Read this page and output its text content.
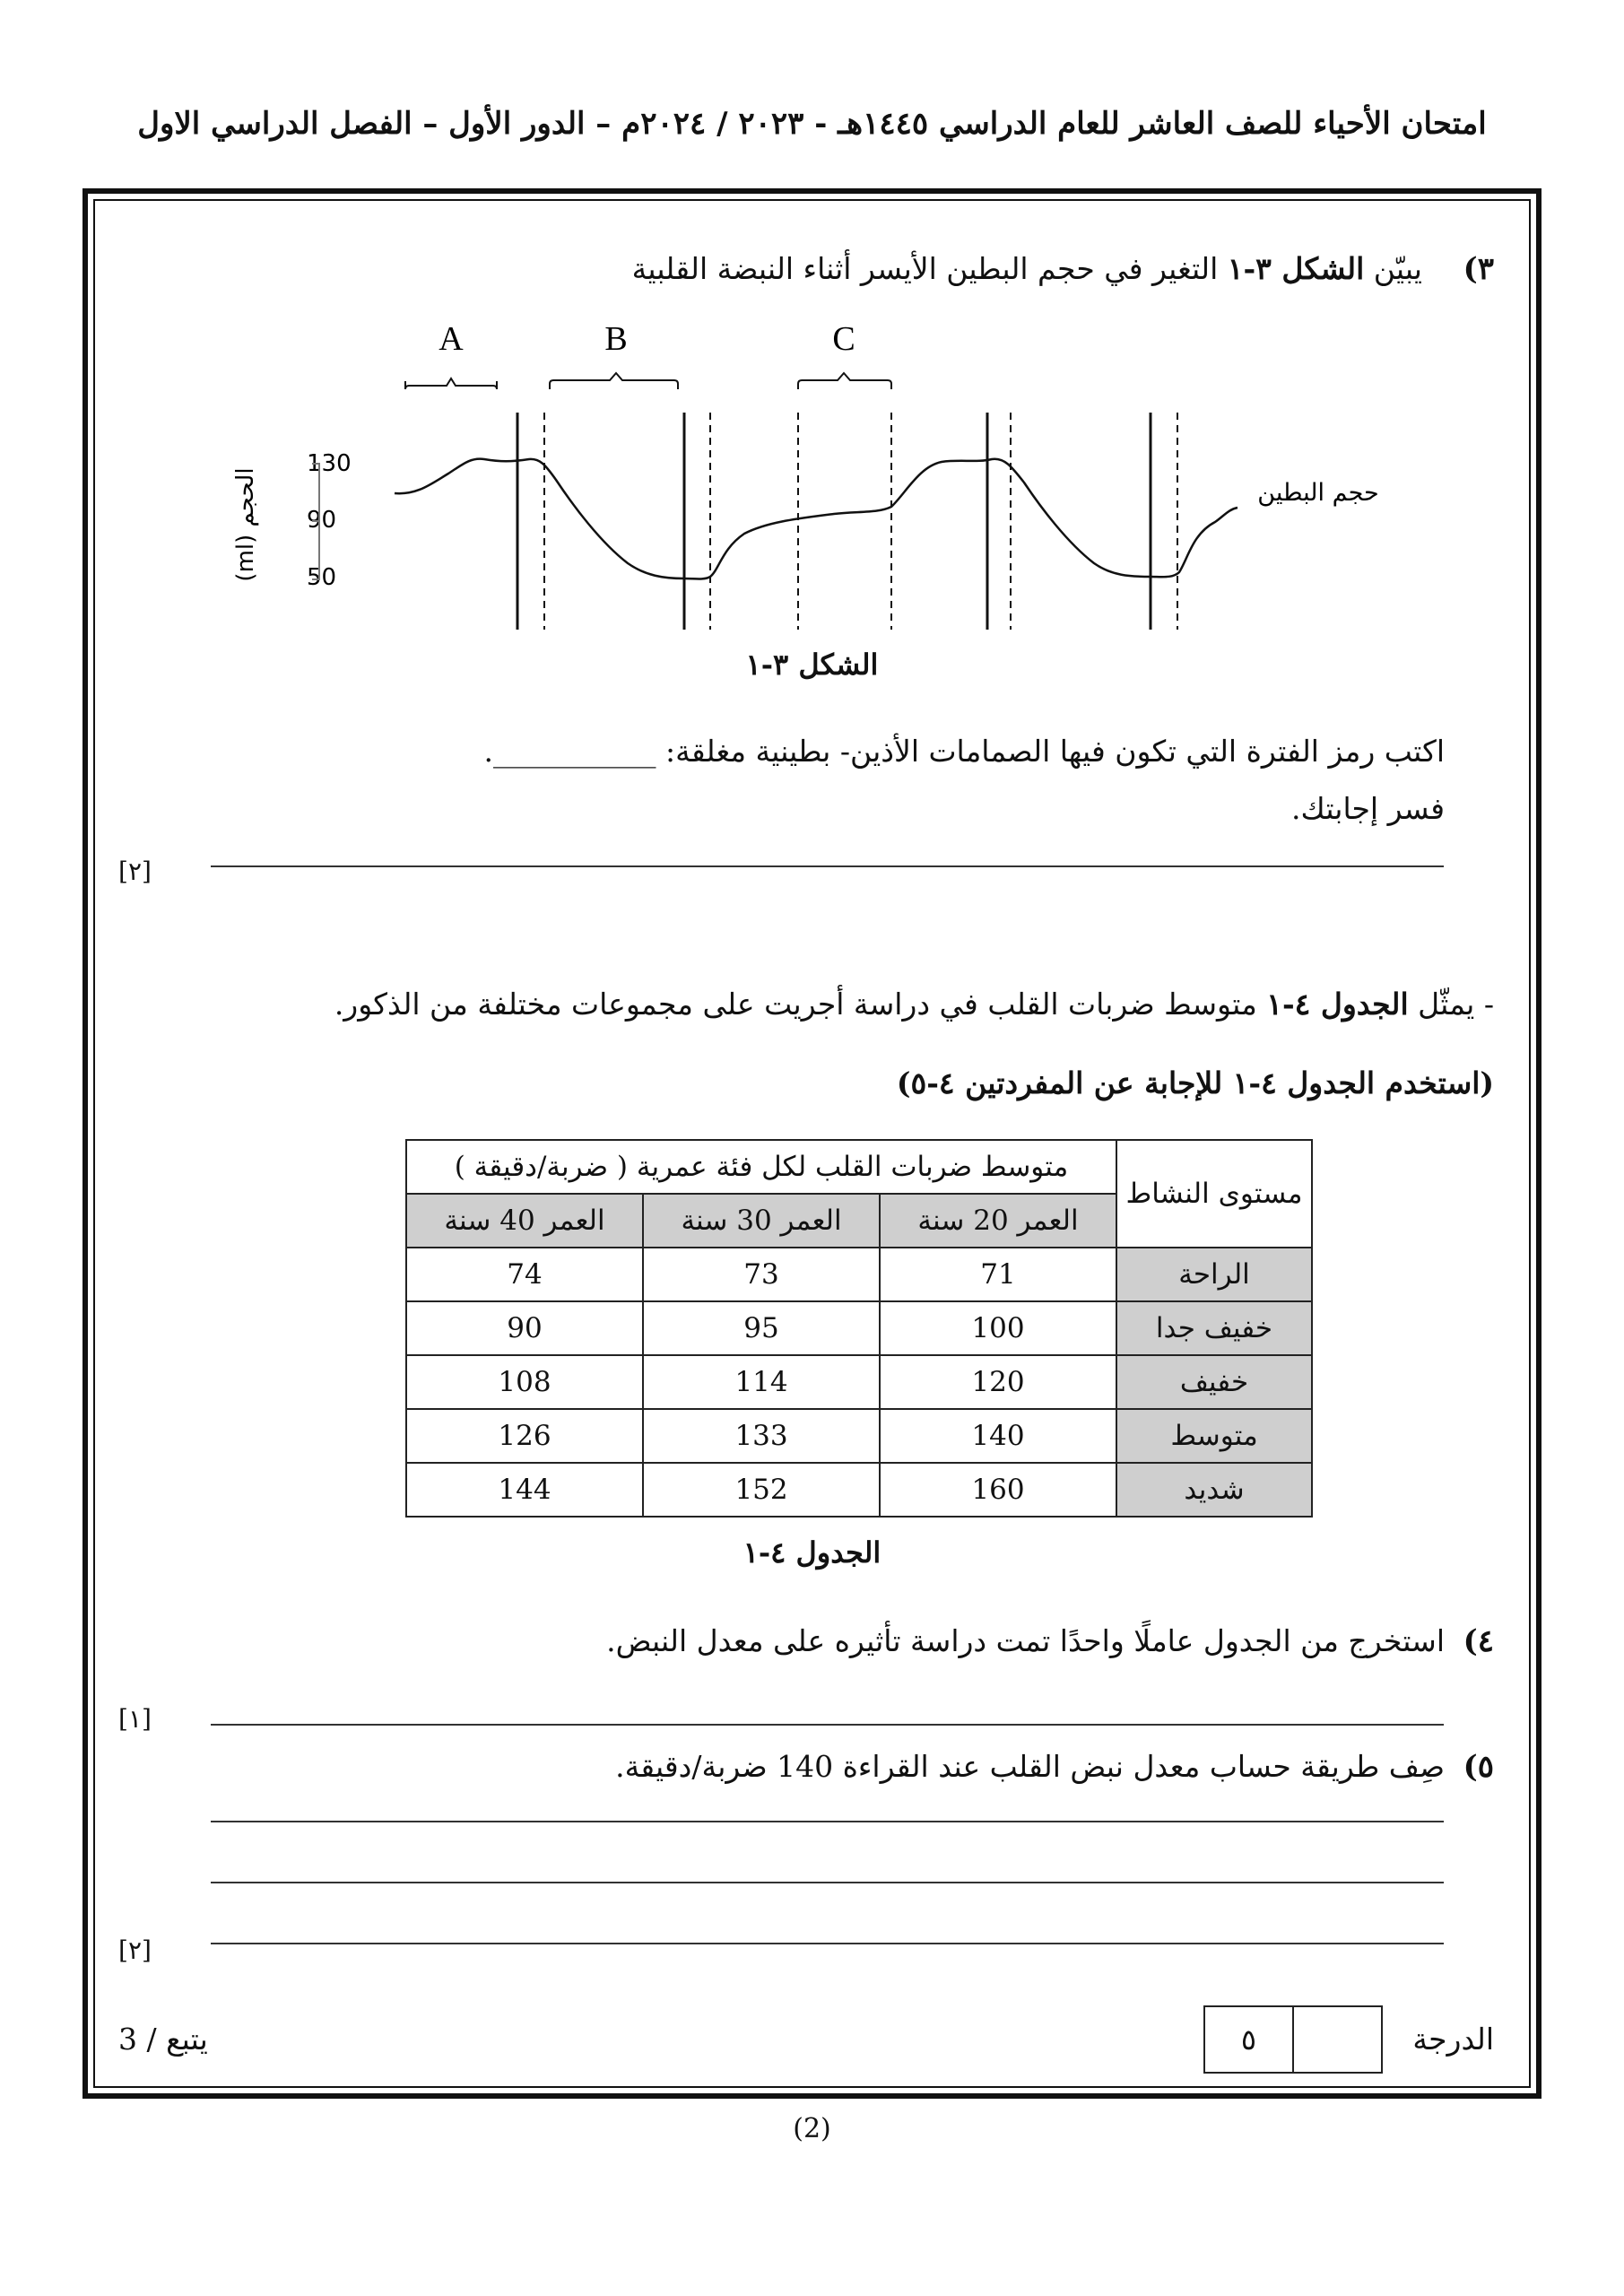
امتحان الأحياء للصف العاشر للعام الدراسي ١٤٤٥هـ - ٢٠٢٣ / ٢٠٢٤م – الدور الأول – الفصل الدراسي الاول
٣)
يبيّن الشكل ٣-١ التغير في حجم البطين الأيسر أثناء النبضة القلبية
A	B	C
الحجم (ml)
130
90
50
حجم البطين
الشكل ٣-١
اكتب رمز الفترة التي تكون فيها الصمامات الأذين- بطينية مغلقة: ___________.
فسر إجابتك.
[٢]
- يمثّل الجدول ٤-١ متوسط ضربات القلب في دراسة أجريت على مجموعات مختلفة من الذكور.
(استخدم الجدول ٤-١ للإجابة عن المفردتين ٤-٥)
مستوى النشاط	متوسط ضربات القلب لكل فئة عمرية ( ضربة/دقيقة )		
	العمر 20 سنة	العمر 30 سنة	العمر 40 سنة
الراحة	71	73	74
خفيف جدا	100	95	90
خفيف	120	114	108
متوسط	140	133	126
شديد	160	152	144
الجدول ٤-١
٤)
استخرج من الجدول عاملًا واحدًا تمت دراسة تأثيره على معدل النبض.
[١]
٥)
صِف طريقة حساب معدل نبض القلب عند القراءة 140 ضربة/دقيقة.
[٢]
الدرجة
٥
يتبع / 3
(2)
